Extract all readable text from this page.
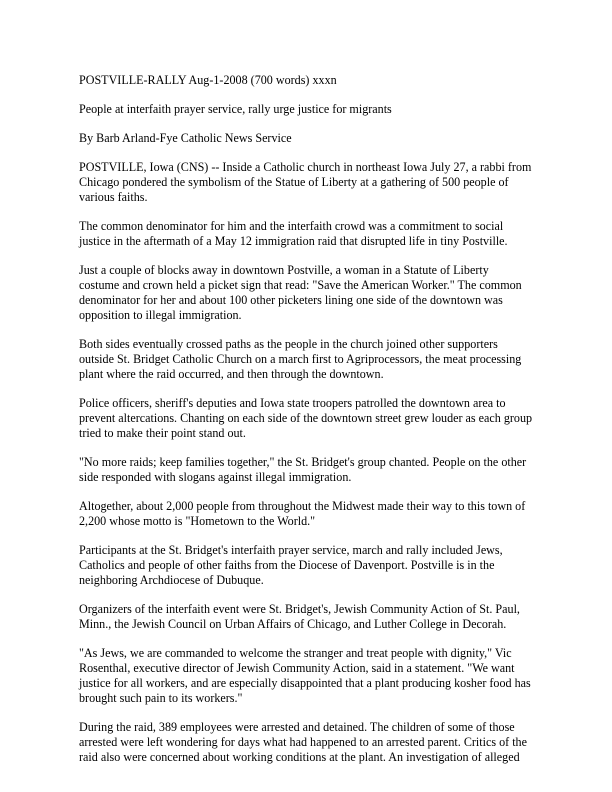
POSTVILLE-RALLY Aug-1-2008 (700 words) xxxn

People at interfaith prayer service, rally urge justice for migrants

By Barb Arland-Fye Catholic News Service

POSTVILLE, Iowa (CNS) -- Inside a Catholic church in northeast Iowa July 27, a rabbi from
Chicago pondered the symbolism of the Statue of Liberty at a gathering of 500 people of
various faiths.

The common denominator for him and the interfaith crowd was a commitment to social
justice in the aftermath of a May 12 immigration raid that disrupted life in tiny Postville.

Just a couple of blocks away in downtown Postville, a woman in a Statute of Liberty
costume and crown held a picket sign that read: "Save the American Worker." The common
denominator for her and about 100 other picketers lining one side of the downtown was
opposition to illegal immigration.

Both sides eventually crossed paths as the people in the church joined other supporters
outside St. Bridget Catholic Church on a march first to Agriprocessors, the meat processing
plant where the raid occurred, and then through the downtown.

Police officers, sheriff's deputies and Iowa state troopers patrolled the downtown area to
prevent altercations. Chanting on each side of the downtown street grew louder as each group
tried to make their point stand out.

"No more raids; keep families together," the St. Bridget's group chanted. People on the other
side responded with slogans against illegal immigration.

Altogether, about 2,000 people from throughout the Midwest made their way to this town of
2,200 whose motto is "Hometown to the World."

Participants at the St. Bridget's interfaith prayer service, march and rally included Jews,
Catholics and people of other faiths from the Diocese of Davenport. Postville is in the
neighboring Archdiocese of Dubuque.

Organizers of the interfaith event were St. Bridget's, Jewish Community Action of St. Paul,
Minn., the Jewish Council on Urban Affairs of Chicago, and Luther College in Decorah.

"As Jews, we are commanded to welcome the stranger and treat people with dignity," Vic
Rosenthal, executive director of Jewish Community Action, said in a statement. "We want
justice for all workers, and are especially disappointed that a plant producing kosher food has
brought such pain to its workers."

During the raid, 389 employees were arrested and detained. The children of some of those
arrested were left wondering for days what had happened to an arrested parent. Critics of the
raid also were concerned about working conditions at the plant. An investigation of alleged
